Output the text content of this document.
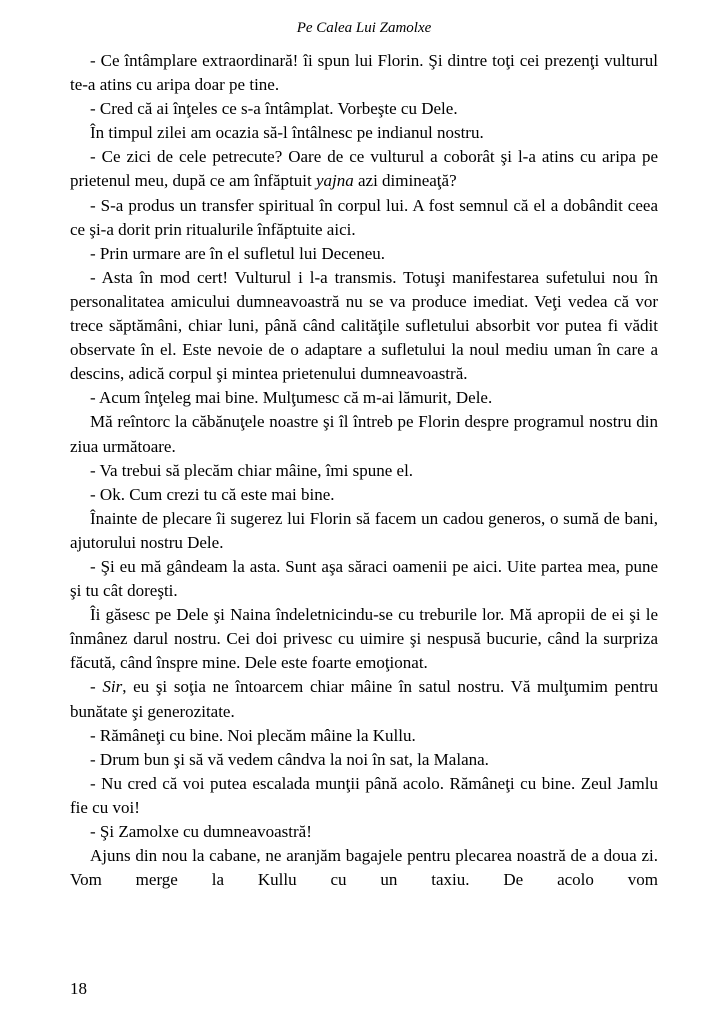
Pe Calea Lui Zamolxe

- Ce întâmplare extraordinară! îi spun lui Florin. Şi dintre toţi cei prezenţi vulturul te-a atins cu aripa doar pe tine.

- Cred că ai înţeles ce s-a întâmplat. Vorbeşte cu Dele.

În timpul zilei am ocazia să-l întâlnesc pe indianul nostru.

- Ce zici de cele petrecute? Oare de ce vulturul a coborât şi l-a atins cu aripa pe prietenul meu, după ce am înfăptuit yajna azi dimineaţă?

- S-a produs un transfer spiritual în corpul lui. A fost semnul că el a dobândit ceea ce şi-a dorit prin ritualurile înfăptuite aici.

- Prin urmare are în el sufletul lui Deceneu.

- Asta în mod cert! Vulturul i l-a transmis. Totuşi manifestarea sufetului nou în personalitatea amicului dumneavoastră nu se va produce imediat. Veţi vedea că vor trece săptămâni, chiar luni, până când calităţile sufletului absorbit vor putea fi vădit observate în el. Este nevoie de o adaptare a sufletului la noul mediu uman în care a descins, adică corpul şi mintea prietenului dumneavoastră.

- Acum înţeleg mai bine. Mulţumesc că m-ai lămurit, Dele.

Mă reîntorc la căbănuţele noastre şi îl întreb pe Florin despre programul nostru din ziua următoare.

- Va trebui să plecăm chiar mâine, îmi spune el.

- Ok. Cum crezi tu că este mai bine.

Înainte de plecare îi sugerez lui Florin să facem un cadou generos, o sumă de bani, ajutorului nostru Dele.

- Şi eu mă gândeam la asta. Sunt aşa săraci oamenii pe aici. Uite partea mea, pune şi tu cât doreşti.

Îi găsesc pe Dele şi Naina îndeletnicindu-se cu treburile lor. Mă apropii de ei şi le înmânez darul nostru. Cei doi privesc cu uimire şi nespusă bucurie, când la surpriza făcută, când înspre mine. Dele este foarte emoţionat.

- Sir, eu şi soţia ne întoarcem chiar mâine în satul nostru. Vă mulţumim pentru bunătate şi generozitate.

- Rămâneţi cu bine. Noi plecăm mâine la Kullu.

- Drum bun şi să vă vedem cândva la noi în sat, la Malana.

- Nu cred că voi putea escalada munţii până acolo. Rămâneţi cu bine. Zeul Jamlu fie cu voi!

- Şi Zamolxe cu dumneavoastră!

Ajuns din nou la cabane, ne aranjăm bagajele pentru plecarea noastră de a doua zi. Vom merge la Kullu cu un taxiu. De acolo vom

18
